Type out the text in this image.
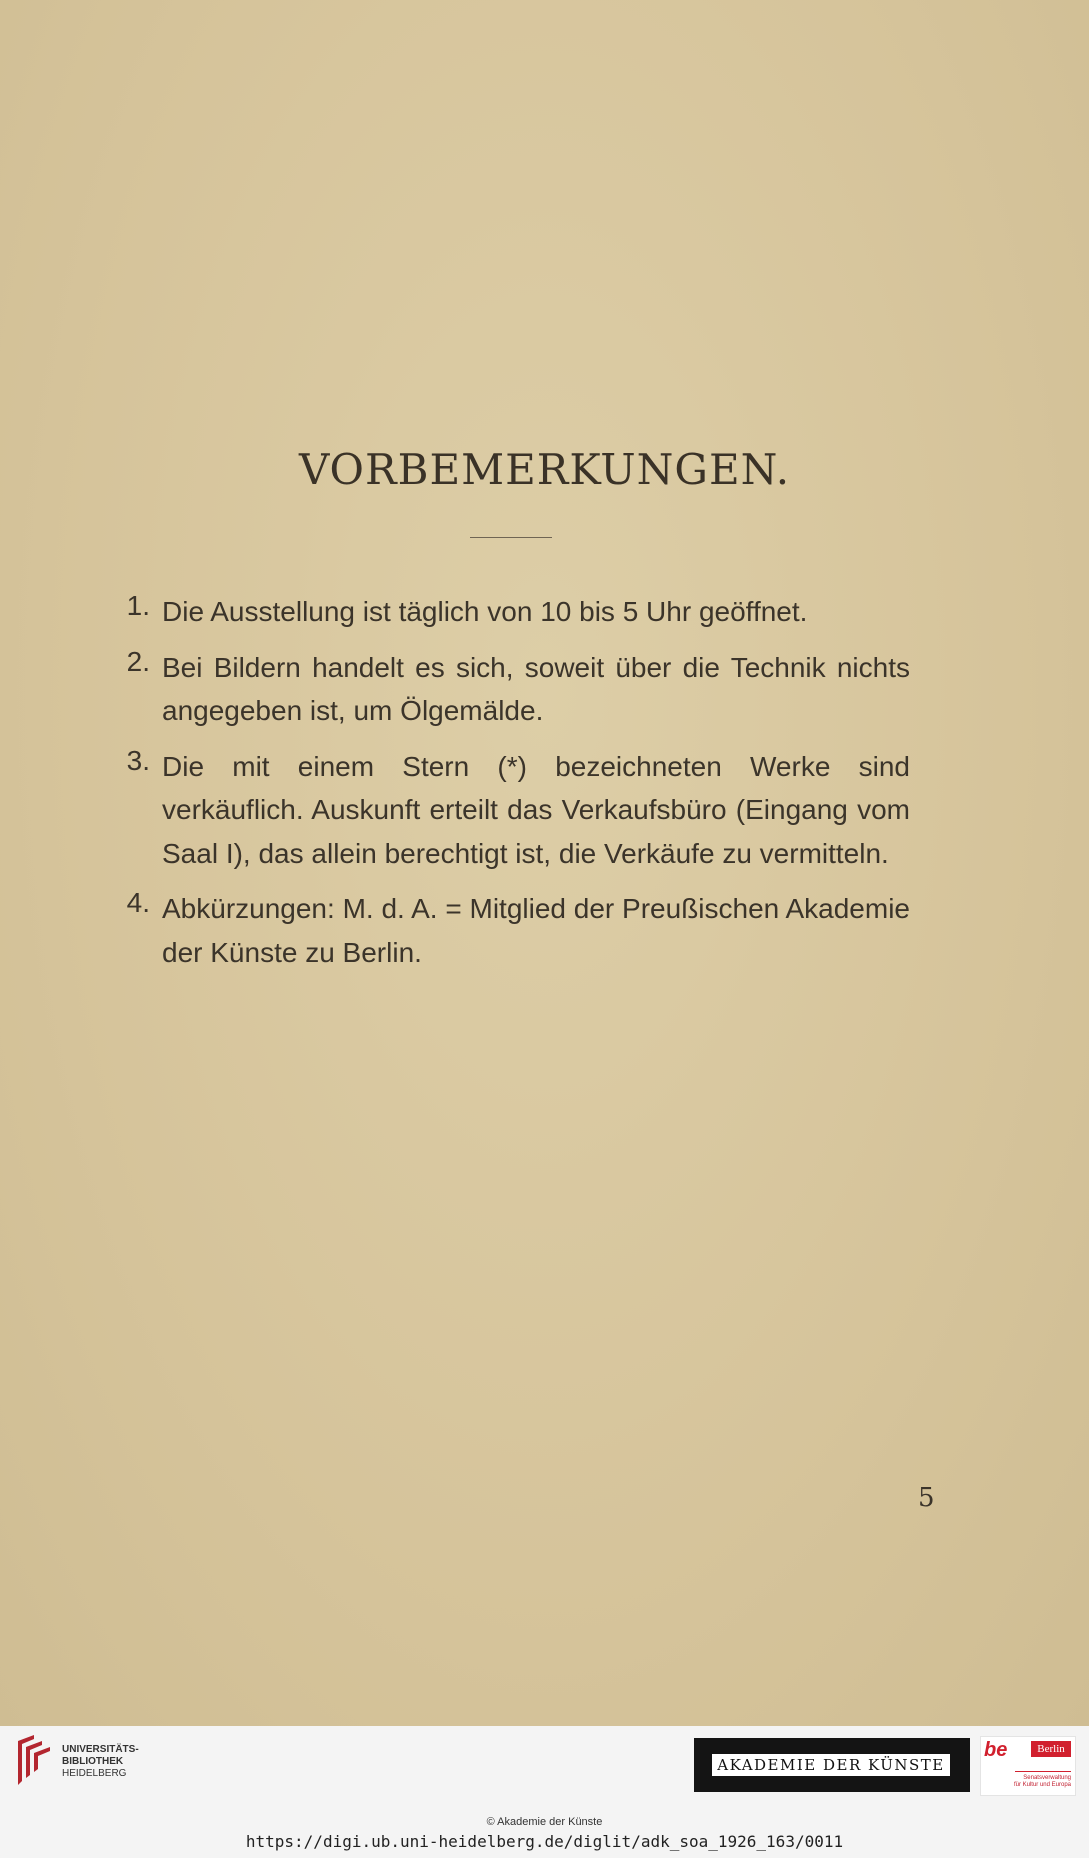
VORBEMERKUNGEN.
1. Die Ausstellung ist täglich von 10 bis 5 Uhr geöffnet.
2. Bei Bildern handelt es sich, soweit über die Technik nichts angegeben ist, um Ölgemälde.
3. Die mit einem Stern (*) bezeichneten Werke sind verkäuflich. Auskunft erteilt das Verkaufsbüro (Eingang vom Saal I), das allein berechtigt ist, die Verkäufe zu vermitteln.
4. Abkürzungen: M. d. A. = Mitglied der Preußischen Akademie der Künste zu Berlin.
5
UNIVERSITÄTS-
BIBLIOTHEK
HEIDELBERG	AKADEMIE DER KÜNSTE
be	Berlin
Senatsverwaltung
für Kultur und Europa
© Akademie der Künste
https://digi.ub.uni-heidelberg.de/diglit/adk_soa_1926_163/0011
